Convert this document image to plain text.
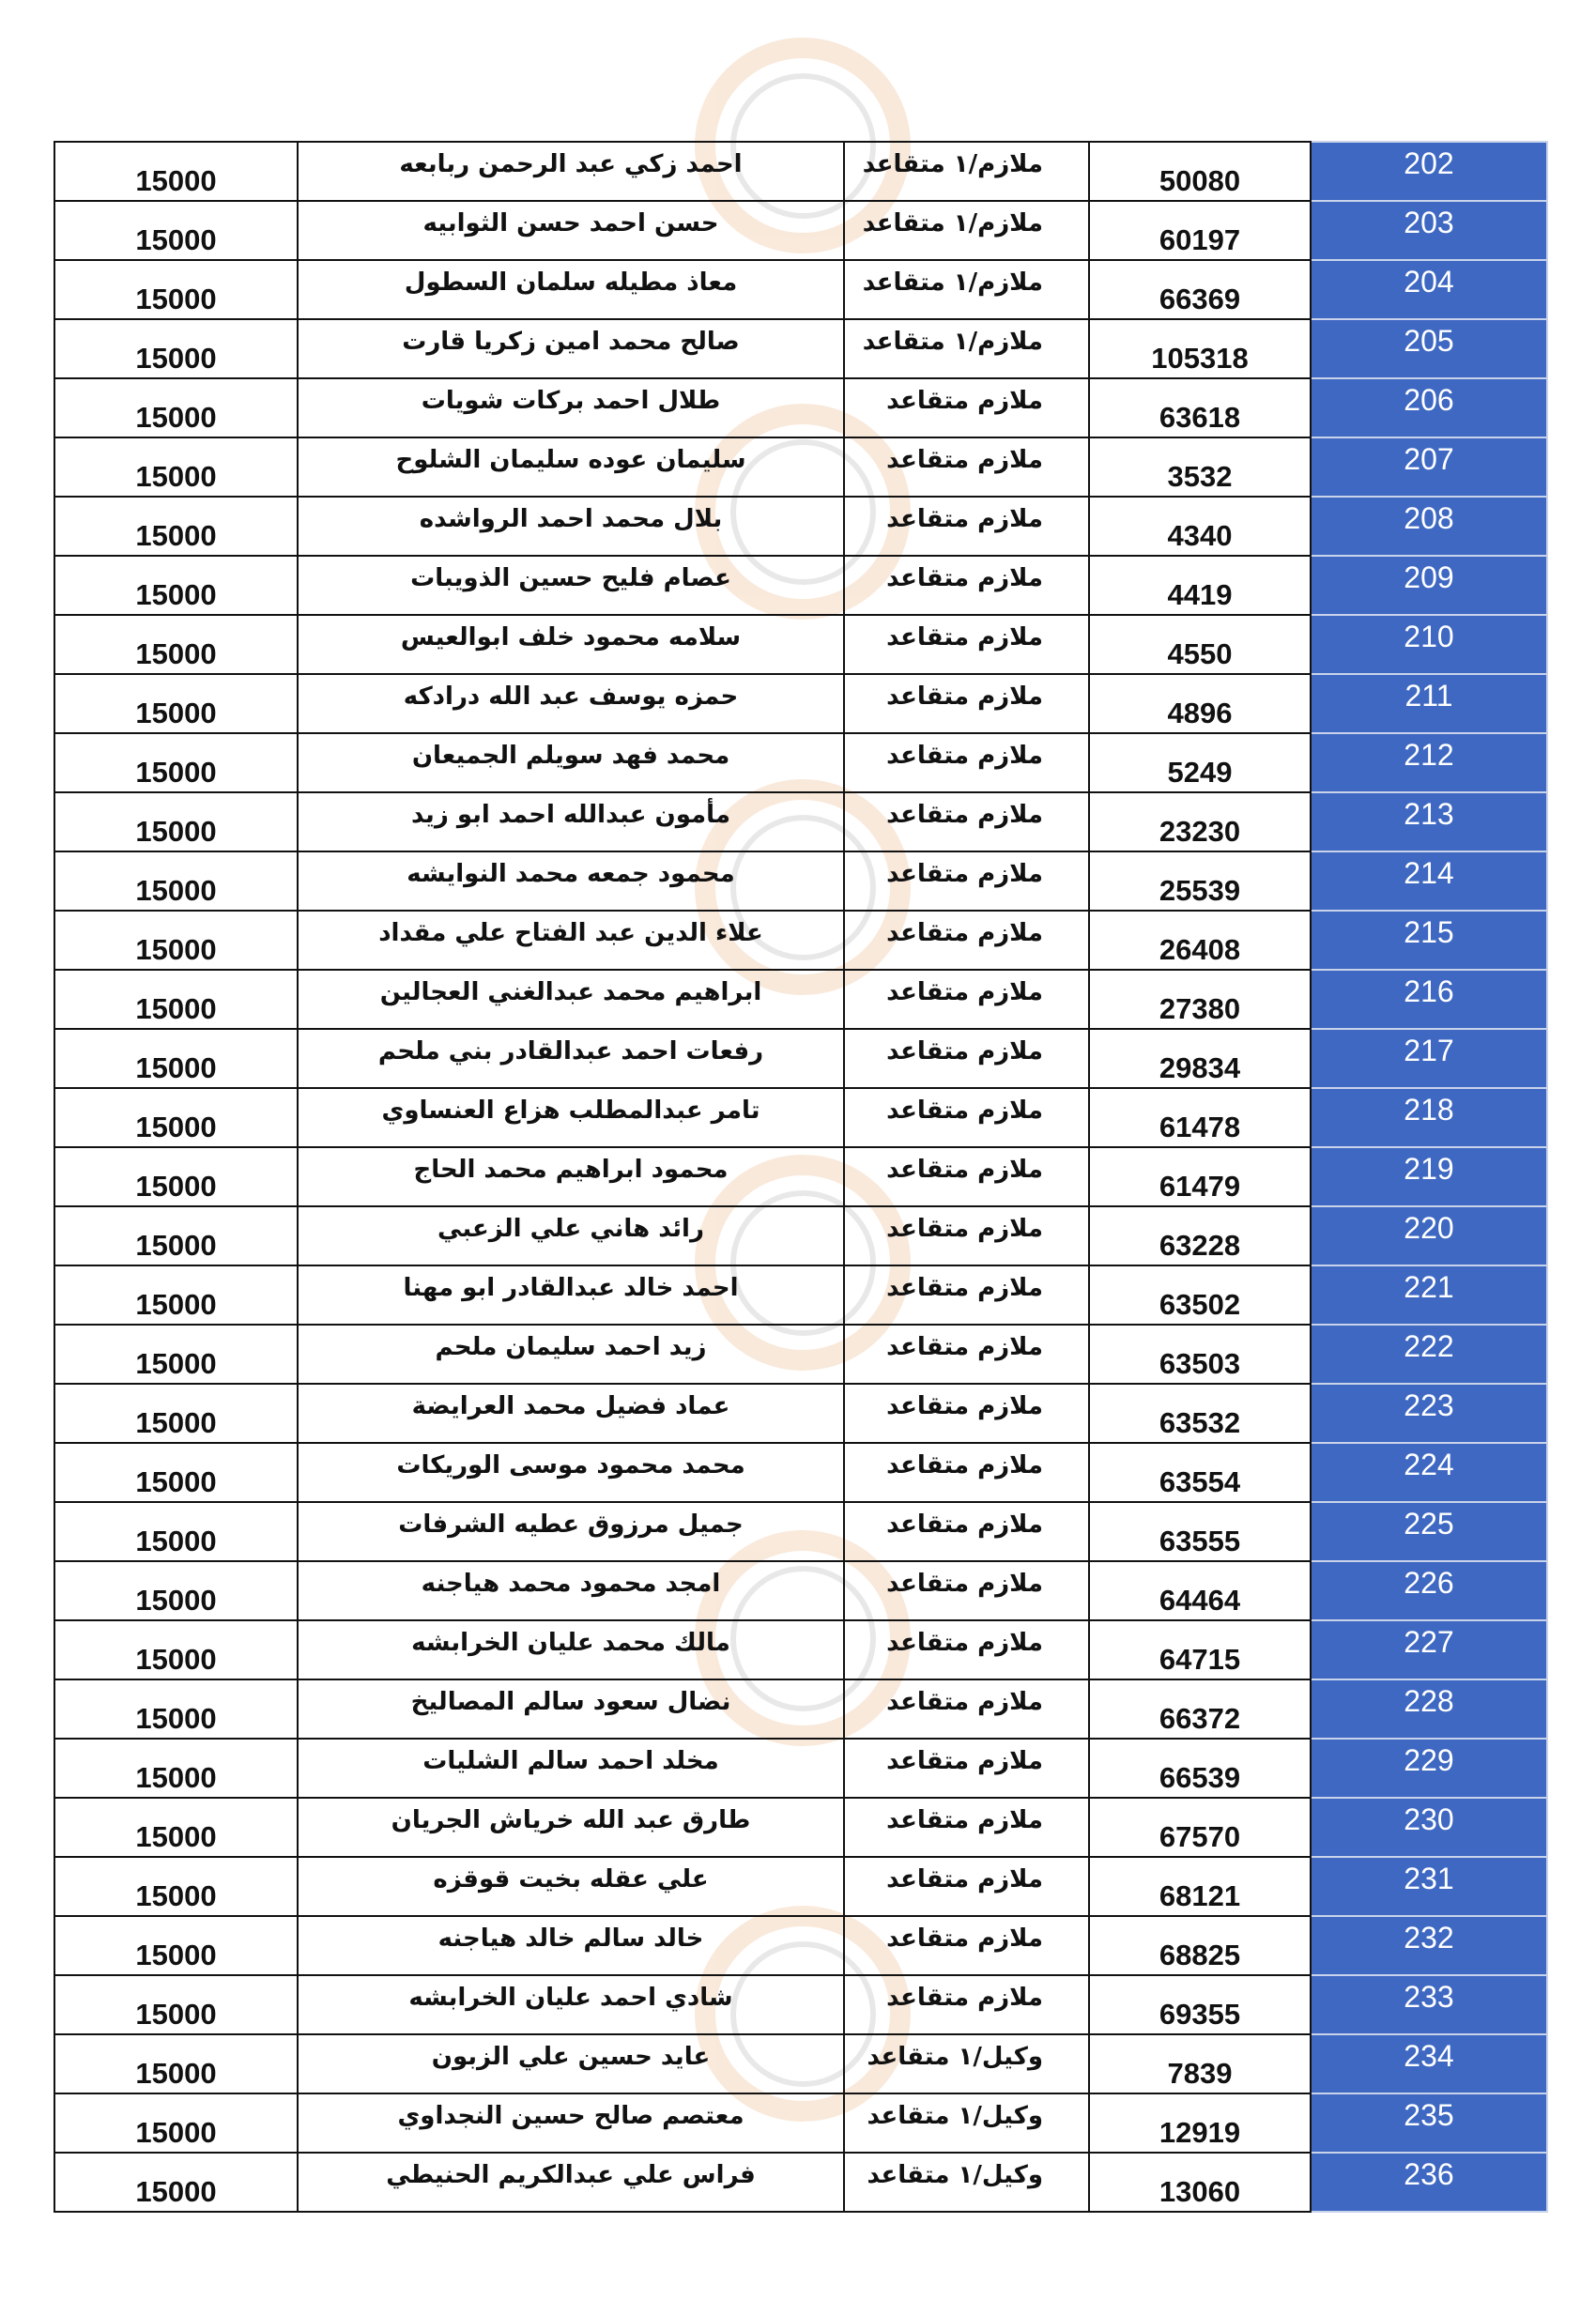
15000	احمد زكي عبد الرحمن ربابعه	ملازم/١ متقاعد	50080	202
15000	حسن احمد حسن الثوابيه	ملازم/١ متقاعد	60197	203
15000	معاذ مطيله سلمان السطول	ملازم/١ متقاعد	66369	204
15000	صالح محمد امين زكريا قارت	ملازم/١ متقاعد	105318	205
15000	طلال احمد بركات شويات	ملازم متقاعد	63618	206
15000	سليمان عوده سليمان الشلوح	ملازم متقاعد	3532	207
15000	بلال محمد احمد الرواشده	ملازم متقاعد	4340	208
15000	عصام فليح حسين الذويبات	ملازم متقاعد	4419	209
15000	سلامه محمود خلف ابوالعيس	ملازم متقاعد	4550	210
15000	حمزه يوسف عبد الله درادكه	ملازم متقاعد	4896	211
15000	محمد فهد سويلم الجميعان	ملازم متقاعد	5249	212
15000	مأمون عبدالله احمد ابو زيد	ملازم متقاعد	23230	213
15000	محمود جمعه محمد النوايشه	ملازم متقاعد	25539	214
15000	علاء الدين عبد الفتاح علي مقداد	ملازم متقاعد	26408	215
15000	ابراهيم محمد عبدالغني العجالين	ملازم متقاعد	27380	216
15000	رفعات احمد عبدالقادر بني ملحم	ملازم متقاعد	29834	217
15000	تامر عبدالمطلب هزاع العنساوي	ملازم متقاعد	61478	218
15000	محمود ابراهيم محمد الحاج	ملازم متقاعد	61479	219
15000	رائد هاني علي الزعبي	ملازم متقاعد	63228	220
15000	احمد خالد عبدالقادر ابو مهنا	ملازم متقاعد	63502	221
15000	زيد احمد سليمان ملحم	ملازم متقاعد	63503	222
15000	عماد فضيل محمد العرايضة	ملازم متقاعد	63532	223
15000	محمد محمود موسى الوريكات	ملازم متقاعد	63554	224
15000	جميل مرزوق عطيه الشرفات	ملازم متقاعد	63555	225
15000	امجد محمود محمد هياجنه	ملازم متقاعد	64464	226
15000	مالك محمد عليان الخرابشه	ملازم متقاعد	64715	227
15000	نضال سعود سالم المصاليخ	ملازم متقاعد	66372	228
15000	مخلد احمد سالم الشليات	ملازم متقاعد	66539	229
15000	طارق عبد الله خرياش الجريان	ملازم متقاعد	67570	230
15000	علي عقله بخيت قوقزه	ملازم متقاعد	68121	231
15000	خالد سالم خالد هياجنه	ملازم متقاعد	68825	232
15000	شادي احمد عليان الخرابشه	ملازم متقاعد	69355	233
15000	عايد حسين علي الزبون	وكيل/١ متقاعد	7839	234
15000	معتصم صالح حسين النجداوي	وكيل/١ متقاعد	12919	235
15000	فراس علي عبدالكريم الحنيطي	وكيل/١ متقاعد	13060	236
